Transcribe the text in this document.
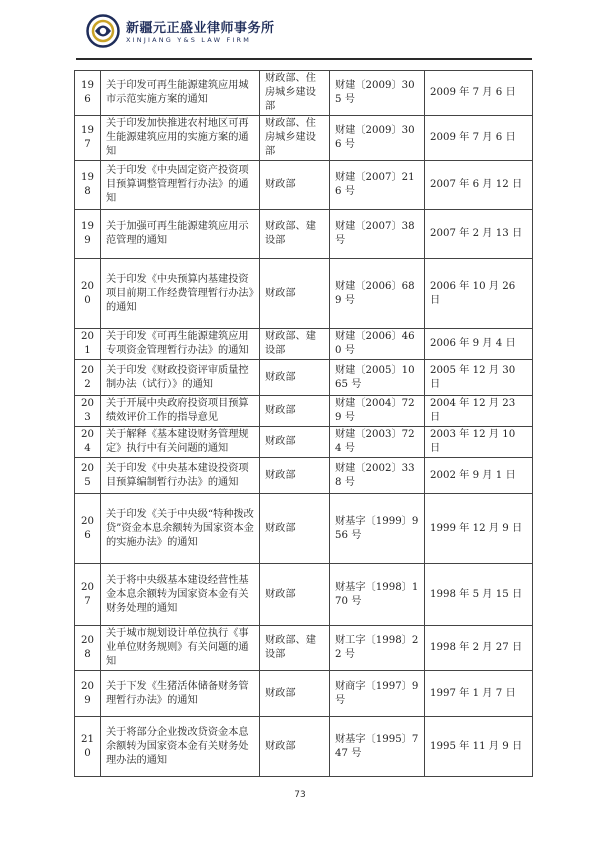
新疆元正盛业律师事务所
XINJIANG Y&S LAW FIRM
196	关于印发可再生能源建筑应用城市示范实施方案的通知	财政部、住房城乡建设部	财建〔2009〕305 号	2009 年 7 月 6 日
197	关于印发加快推进农村地区可再生能源建筑应用的实施方案的通知	财政部、住房城乡建设部	财建〔2009〕306 号	2009 年 7 月 6 日
198	关于印发《中央固定资产投资项目预算调整管理暂行办法》的通知	财政部	财建〔2007〕216 号	2007 年 6 月 12 日
199	关于加强可再生能源建筑应用示范管理的通知	财政部、建设部	财建〔2007〕38 号	2007 年 2 月 13 日
200	关于印发《中央预算内基建投资项目前期工作经费管理暂行办法》的通知	财政部	财建〔2006〕689 号	2006 年 10 月 26 日
201	关于印发《可再生能源建筑应用专项资金管理暂行办法》的通知	财政部、建设部	财建〔2006〕460 号	2006 年 9 月 4 日
202	关于印发《财政投资评审质量控制办法（试行）》的通知	财政部	财建〔2005〕1065 号	2005 年 12 月 30 日
203	关于开展中央政府投资项目预算绩效评价工作的指导意见	财政部	财建〔2004〕729 号	2004 年 12 月 23 日
204	关于解释《基本建设财务管理规定》执行中有关问题的通知	财政部	财建〔2003〕724 号	2003 年 12 月 10 日
205	关于印发《中央基本建设投资项目预算编制暂行办法》的通知	财政部	财建〔2002〕338 号	2002 年 9 月 1 日
206	关于印发《关于中央级“特种拨改贷”资金本息余额转为国家资本金的实施办法》的通知	财政部	财基字〔1999〕956 号	1999 年 12 月 9 日
207	关于将中央级基本建设经营性基金本息余额转为国家资本金有关财务处理的通知	财政部	财基字〔1998〕170 号	1998 年 5 月 15 日
208	关于城市规划设计单位执行《事业单位财务规则》有关问题的通知	财政部、建设部	财工字〔1998〕22 号	1998 年 2 月 27 日
209	关于下发《生猪活体储备财务管理暂行办法》的通知	财政部	财商字〔1997〕9 号	1997 年 1 月 7 日
210	关于将部分企业拨改贷资金本息余额转为国家资本金有关财务处理办法的通知	财政部	财基字〔1995〕747 号	1995 年 11 月 9 日
73
